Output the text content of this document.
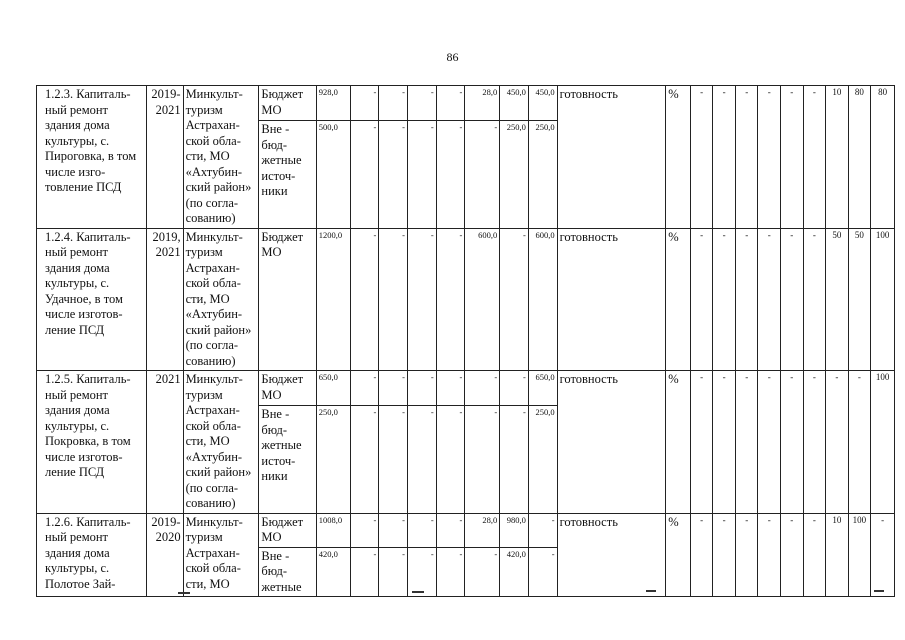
86
1.2.3. Капиталь-ный ремонт здания дома культуры, с. Пироговка, в том числе изго-товление ПСД	2019-2021	Минкульт-туризм Астрахан-ской обла-сти, МО «Ахтубин-ский район» (по согла-сованию)	Бюджет МО	928,0	-	-	-	-	28,0	450,0	450,0	готовность	%	-	-	-	-	-	-	10	80	80
			Вне - бюд-жетные источ-ники	500,0	-	-	-	-	-	250,0	250,0											
1.2.4. Капиталь-ный ремонт здания дома культуры, с. Удачное, в том числе изготов-ление ПСД	2019, 2021	Минкульт-туризм Астрахан-ской обла-сти, МО «Ахтубин-ский район» (по согла-сованию)	Бюджет МО	1200,0	-	-	-	-	600,0	-	600,0	готовность	%	-	-	-	-	-	-	50	50	100
1.2.5. Капиталь-ный ремонт здания дома культуры, с. Покровка, в том числе изготов-ление ПСД	2021	Минкульт-туризм Астрахан-ской обла-сти, МО «Ахтубин-ский район» (по согла-сованию)	Бюджет МО	650,0	-	-	-	-	-	-	650,0	готовность	%	-	-	-	-	-	-	-	-	100
			Вне - бюд-жетные источ-ники	250,0	-	-	-	-	-	-	250,0											
1.2.6. Капиталь-ный ремонт здания дома культуры, с. Полотое Зай-	2019-2020	Минкульт-туризм Астрахан-ской обла-сти, МО	Бюджет МО	1008,0	-	-	-	-	28,0	980,0	-	готовность	%	-	-	-	-	-	-	10	100	-
			Вне - бюд-жетные	420,0	-	-	-	-	-	420,0	-											
